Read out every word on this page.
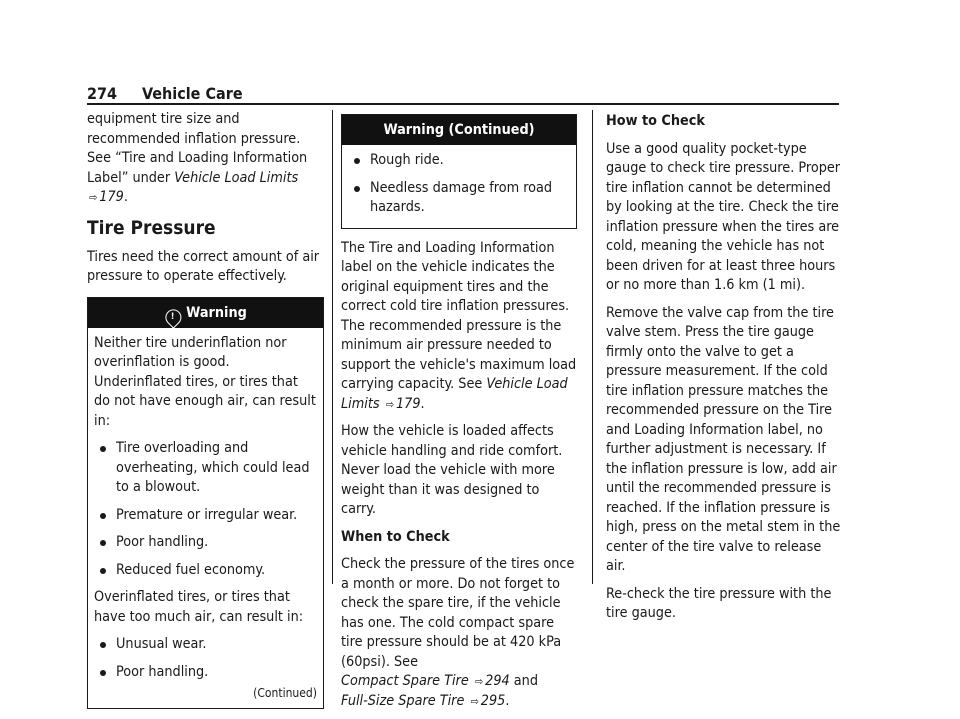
274 Vehicle Care

equipment tire size and recommended inflation pressure. See “Tire and Loading Information Label” under Vehicle Load Limits ⇨ 179.

Tire Pressure

Tires need the correct amount of air pressure to operate effectively.

! Warning

Neither tire underinflation nor overinflation is good. Underinflated tires, or tires that do not have enough air, can result in:

Tire overloading and overheating, which could lead to a blowout.
Premature or irregular wear.
Poor handling.
Reduced fuel economy.

Overinflated tires, or tires that have too much air, can result in:

Unusual wear.
Poor handling.
(Continued)
Warning (Continued)
Rough ride.
Needless damage from road hazards.

The Tire and Loading Information label on the vehicle indicates the original equipment tires and the correct cold tire inflation pressures. The recommended pressure is the minimum air pressure needed to support the vehicle's maximum load carrying capacity. See Vehicle Load Limits ⇨ 179.

How the vehicle is loaded affects vehicle handling and ride comfort. Never load the vehicle with more weight than it was designed to carry.

When to Check

Check the pressure of the tires once a month or more. Do not forget to check the spare tire, if the vehicle has one. The cold compact spare tire pressure should be at 420 kPa (60psi). See
Compact Spare Tire ⇨ 294 and
Full-Size Spare Tire ⇨ 295.

How to Check

Use a good quality pocket-type gauge to check tire pressure. Proper tire inflation cannot be determined by looking at the tire. Check the tire inflation pressure when the tires are cold, meaning the vehicle has not been driven for at least three hours or no more than 1.6 km (1 mi).

Remove the valve cap from the tire valve stem. Press the tire gauge firmly onto the valve to get a pressure measurement. If the cold tire inflation pressure matches the recommended pressure on the Tire and Loading Information label, no further adjustment is necessary. If the inflation pressure is low, add air until the recommended pressure is reached. If the inflation pressure is high, press on the metal stem in the center of the tire valve to release air.

Re-check the tire pressure with the tire gauge.
